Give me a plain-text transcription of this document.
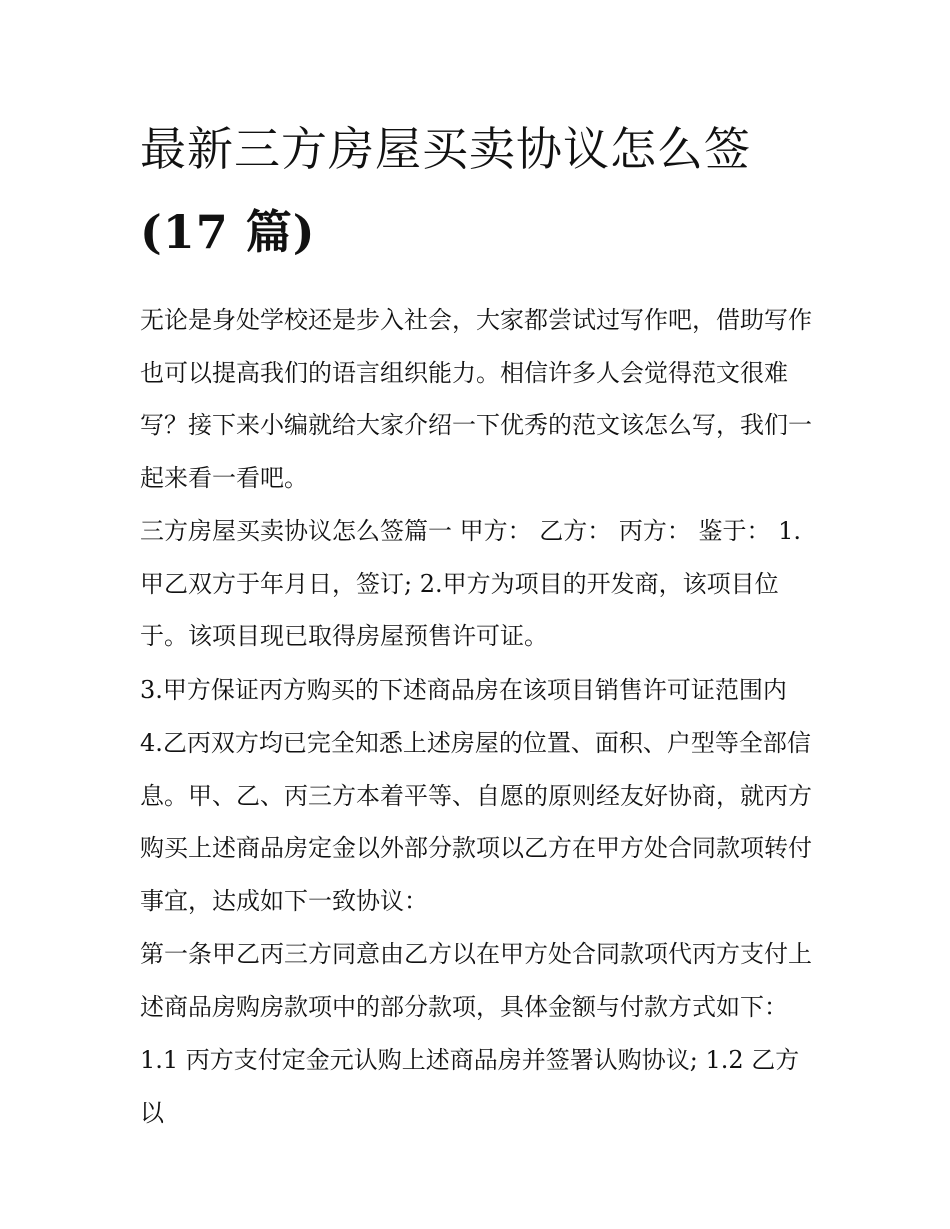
最新三方房屋买卖协议怎么签
(17 篇)

无论是身处学校还是步入社会，大家都尝试过写作吧，借助写作也可以提高我们的语言组织能力。相信许多人会觉得范文很难写？接下来小编就给大家介绍一下优秀的范文该怎么写，我们一起来看一看吧。

三方房屋买卖协议怎么签篇一 甲方： 乙方： 丙方： 鉴于： 1.甲乙双方于年月日，签订; 2.甲方为项目的开发商，该项目位于。该项目现已取得房屋预售许可证。

3.甲方保证丙方购买的下述商品房在该项目销售许可证范围内

4.乙丙双方均已完全知悉上述房屋的位置、面积、户型等全部信息。甲、乙、丙三方本着平等、自愿的原则经友好协商，就丙方购买上述商品房定金以外部分款项以乙方在甲方处合同款项转付事宜，达成如下一致协议：

第一条甲乙丙三方同意由乙方以在甲方处合同款项代丙方支付上述商品房购房款项中的部分款项，具体金额与付款方式如下：

1.1 丙方支付定金元认购上述商品房并签署认购协议; 1.2 乙方以
